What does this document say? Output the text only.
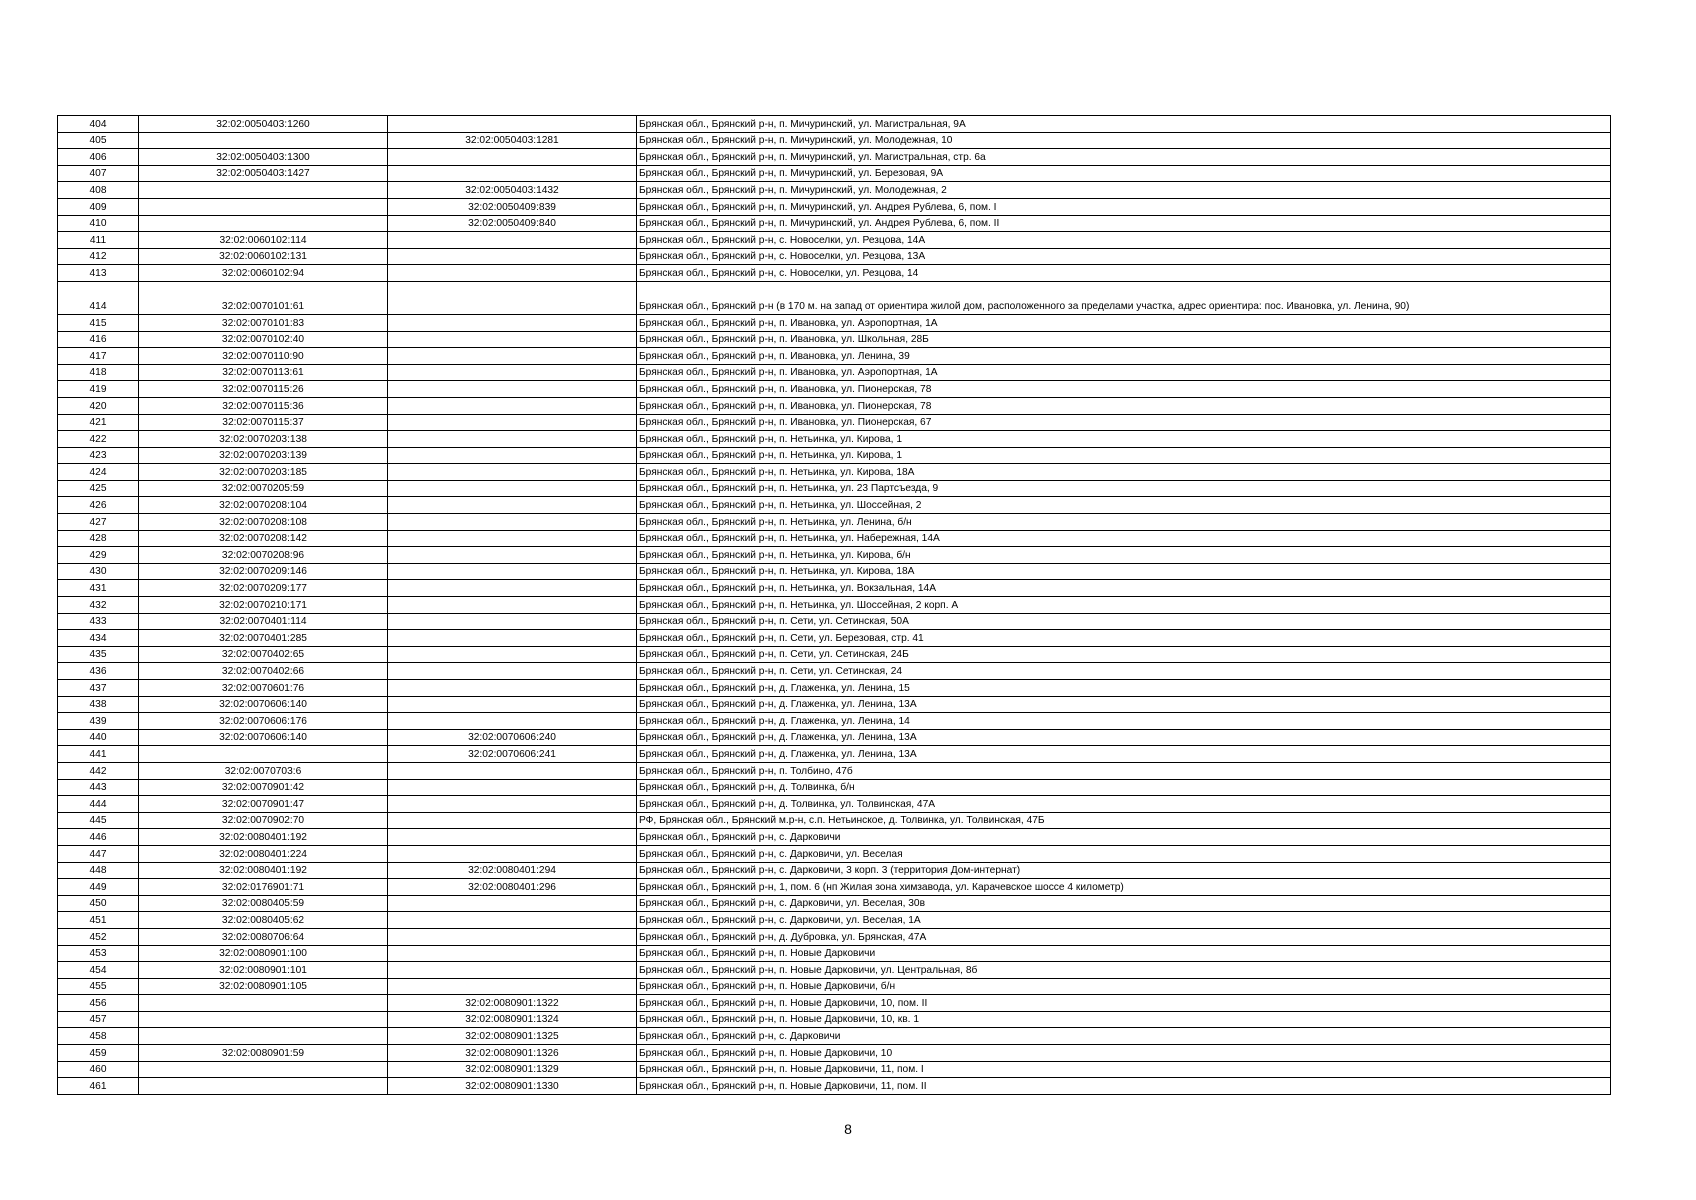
404	32:02:0050403:1260		Брянская обл., Брянский р-н, п. Мичуринский, ул. Магистральная, 9А
405		32:02:0050403:1281	Брянская обл., Брянский р-н, п. Мичуринский, ул. Молодежная, 10
406	32:02:0050403:1300		Брянская обл., Брянский р-н, п. Мичуринский, ул. Магистральная, стр. 6а
407	32:02:0050403:1427		Брянская обл., Брянский р-н, п. Мичуринский, ул. Березовая, 9А
408		32:02:0050403:1432	Брянская обл., Брянский р-н, п. Мичуринский, ул. Молодежная, 2
409		32:02:0050409:839	Брянская обл., Брянский р-н, п. Мичуринский, ул. Андрея Рублева, 6, пом. I
410		32:02:0050409:840	Брянская обл., Брянский р-н, п. Мичуринский, ул. Андрея Рублева, 6, пом. II
411	32:02:0060102:114		Брянская обл., Брянский р-н, с. Новоселки, ул. Резцова, 14А
412	32:02:0060102:131		Брянская обл., Брянский р-н, с. Новоселки, ул. Резцова, 13А
413	32:02:0060102:94		Брянская обл., Брянский р-н, с. Новоселки, ул. Резцова, 14
414	32:02:0070101:61		Брянская обл., Брянский р-н (в 170 м. на запад от ориентира жилой дом, расположенного за пределами участка, адрес ориентира: пос. Ивановка, ул. Ленина, 90)
415	32:02:0070101:83		Брянская обл., Брянский р-н, п. Ивановка, ул. Аэропортная, 1А
416	32:02:0070102:40		Брянская обл., Брянский р-н, п. Ивановка, ул. Школьная, 28Б
417	32:02:0070110:90		Брянская обл., Брянский р-н, п. Ивановка, ул. Ленина, 39
418	32:02:0070113:61		Брянская обл., Брянский р-н, п. Ивановка, ул. Аэропортная, 1А
419	32:02:0070115:26		Брянская обл., Брянский р-н, п. Ивановка, ул. Пионерская, 78
420	32:02:0070115:36		Брянская обл., Брянский р-н, п. Ивановка, ул. Пионерская, 78
421	32:02:0070115:37		Брянская обл., Брянский р-н, п. Ивановка, ул. Пионерская, 67
422	32:02:0070203:138		Брянская обл., Брянский р-н, п. Нетьинка, ул. Кирова, 1
423	32:02:0070203:139		Брянская обл., Брянский р-н, п. Нетьинка, ул. Кирова, 1
424	32:02:0070203:185		Брянская обл., Брянский р-н, п. Нетьинка, ул. Кирова, 18А
425	32:02:0070205:59		Брянская обл., Брянский р-н, п. Нетьинка, ул. 23 Партсъезда, 9
426	32:02:0070208:104		Брянская обл., Брянский р-н, п. Нетьинка, ул. Шоссейная, 2
427	32:02:0070208:108		Брянская обл., Брянский р-н, п. Нетьинка, ул. Ленина, б/н
428	32:02:0070208:142		Брянская обл., Брянский р-н, п. Нетьинка, ул. Набережная, 14А
429	32:02:0070208:96		Брянская обл., Брянский р-н, п. Нетьинка, ул. Кирова, б/н
430	32:02:0070209:146		Брянская обл., Брянский р-н, п. Нетьинка, ул. Кирова, 18А
431	32:02:0070209:177		Брянская обл., Брянский р-н, п. Нетьинка, ул. Вокзальная, 14А
432	32:02:0070210:171		Брянская обл., Брянский р-н, п. Нетьинка, ул. Шоссейная, 2 корп. А
433	32:02:0070401:114		Брянская обл., Брянский р-н, п. Сети, ул. Сетинская, 50А
434	32:02:0070401:285		Брянская обл., Брянский р-н, п. Сети, ул. Березовая, стр. 41
435	32:02:0070402:65		Брянская обл., Брянский р-н, п. Сети, ул. Сетинская, 24Б
436	32:02:0070402:66		Брянская обл., Брянский р-н, п. Сети, ул. Сетинская, 24
437	32:02:0070601:76		Брянская обл., Брянский р-н, д. Глаженка, ул. Ленина, 15
438	32:02:0070606:140		Брянская обл., Брянский р-н, д. Глаженка, ул. Ленина, 13А
439	32:02:0070606:176		Брянская обл., Брянский р-н, д. Глаженка, ул. Ленина, 14
440	32:02:0070606:140	32:02:0070606:240	Брянская обл., Брянский р-н, д. Глаженка, ул. Ленина, 13А
441		32:02:0070606:241	Брянская обл., Брянский р-н, д. Глаженка, ул. Ленина, 13А
442	32:02:0070703:6		Брянская обл., Брянский р-н, п. Толбино, 47б
443	32:02:0070901:42		Брянская обл., Брянский р-н, д. Толвинка, б/н
444	32:02:0070901:47		Брянская обл., Брянский р-н, д. Толвинка, ул. Толвинская, 47А
445	32:02:0070902:70		РФ, Брянская обл., Брянский м.р-н, с.п. Нетьинское, д. Толвинка, ул. Толвинская, 47Б
446	32:02:0080401:192		Брянская обл., Брянский р-н, с. Дарковичи
447	32:02:0080401:224		Брянская обл., Брянский р-н, с. Дарковичи, ул. Веселая
448	32:02:0080401:192	32:02:0080401:294	Брянская обл., Брянский р-н, с. Дарковичи, 3 корп. 3 (территория Дом-интернат)
449	32:02:0176901:71	32:02:0080401:296	Брянская обл., Брянский р-н, 1, пом. 6 (нп Жилая зона химзавода, ул. Карачевское шоссе 4 километр)
450	32:02:0080405:59		Брянская обл., Брянский р-н, с. Дарковичи, ул. Веселая, 30в
451	32:02:0080405:62		Брянская обл., Брянский р-н, с. Дарковичи, ул. Веселая, 1А
452	32:02:0080706:64		Брянская обл., Брянский р-н, д. Дубровка, ул. Брянская, 47А
453	32:02:0080901:100		Брянская обл., Брянский р-н, п. Новые Дарковичи
454	32:02:0080901:101		Брянская обл., Брянский р-н, п. Новые Дарковичи, ул. Центральная, 8б
455	32:02:0080901:105		Брянская обл., Брянский р-н, п. Новые Дарковичи, б/н
456		32:02:0080901:1322	Брянская обл., Брянский р-н, п. Новые Дарковичи, 10, пом. II
457		32:02:0080901:1324	Брянская обл., Брянский р-н, п. Новые Дарковичи, 10, кв. 1
458		32:02:0080901:1325	Брянская обл., Брянский р-н, с. Дарковичи
459	32:02:0080901:59	32:02:0080901:1326	Брянская обл., Брянский р-н, п. Новые Дарковичи, 10
460		32:02:0080901:1329	Брянская обл., Брянский р-н, п. Новые Дарковичи, 11, пом. I
461		32:02:0080901:1330	Брянская обл., Брянский р-н, п. Новые Дарковичи, 11, пом. II
8
